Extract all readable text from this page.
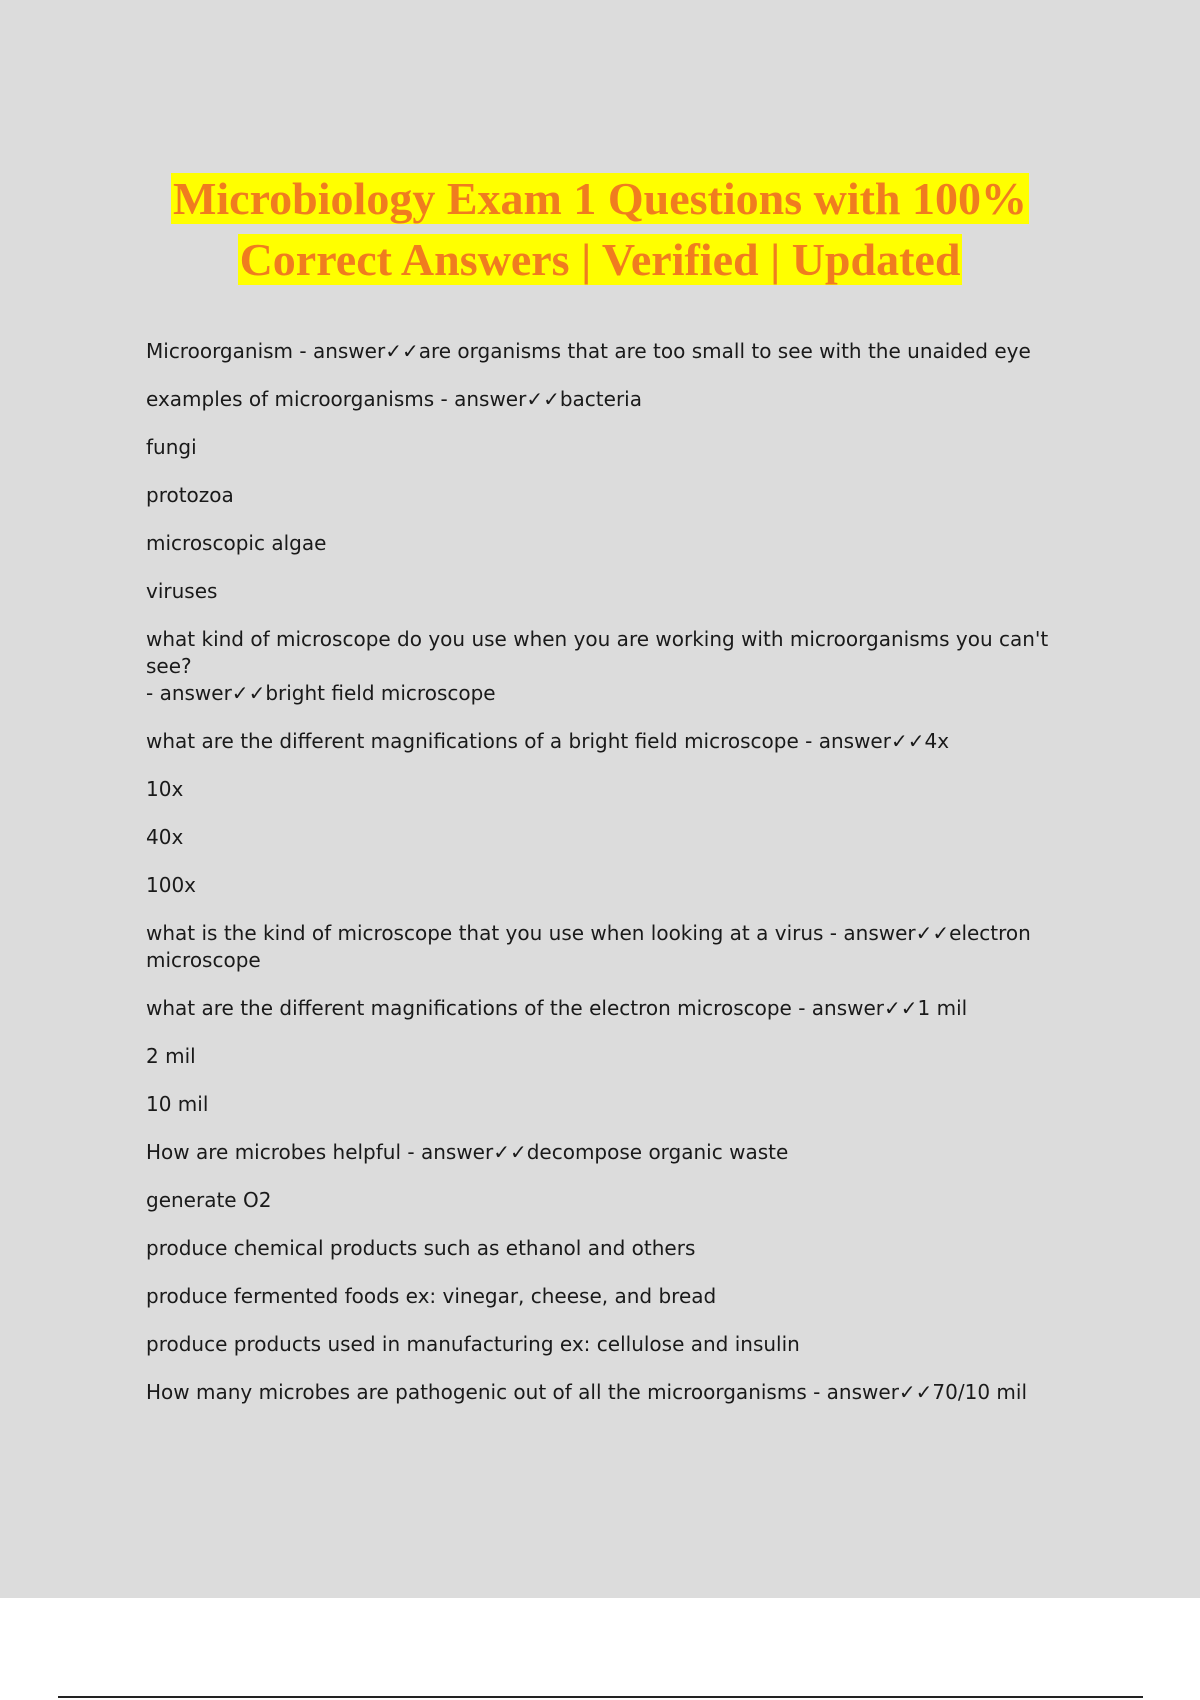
Microbiology Exam 1 Questions with 100%
Correct Answers | Verified | Updated
Microorganism - answer✓✓are organisms that are too small to see with the unaided eye
examples of microorganisms - answer✓✓bacteria
fungi
protozoa
microscopic algae
viruses
what kind of microscope do you use when you are working with microorganisms you can't see?
- answer✓✓bright field microscope
what are the different magnifications of a bright field microscope - answer✓✓4x
10x
40x
100x
what is the kind of microscope that you use when looking at a virus - answer✓✓electron
microscope
what are the different magnifications of the electron microscope - answer✓✓1 mil
2 mil
10 mil
How are microbes helpful - answer✓✓decompose organic waste
generate O2
produce chemical products such as ethanol and others
produce fermented foods ex: vinegar, cheese, and bread
produce products used in manufacturing ex: cellulose and insulin
How many microbes are pathogenic out of all the microorganisms - answer✓✓70/10 mil
